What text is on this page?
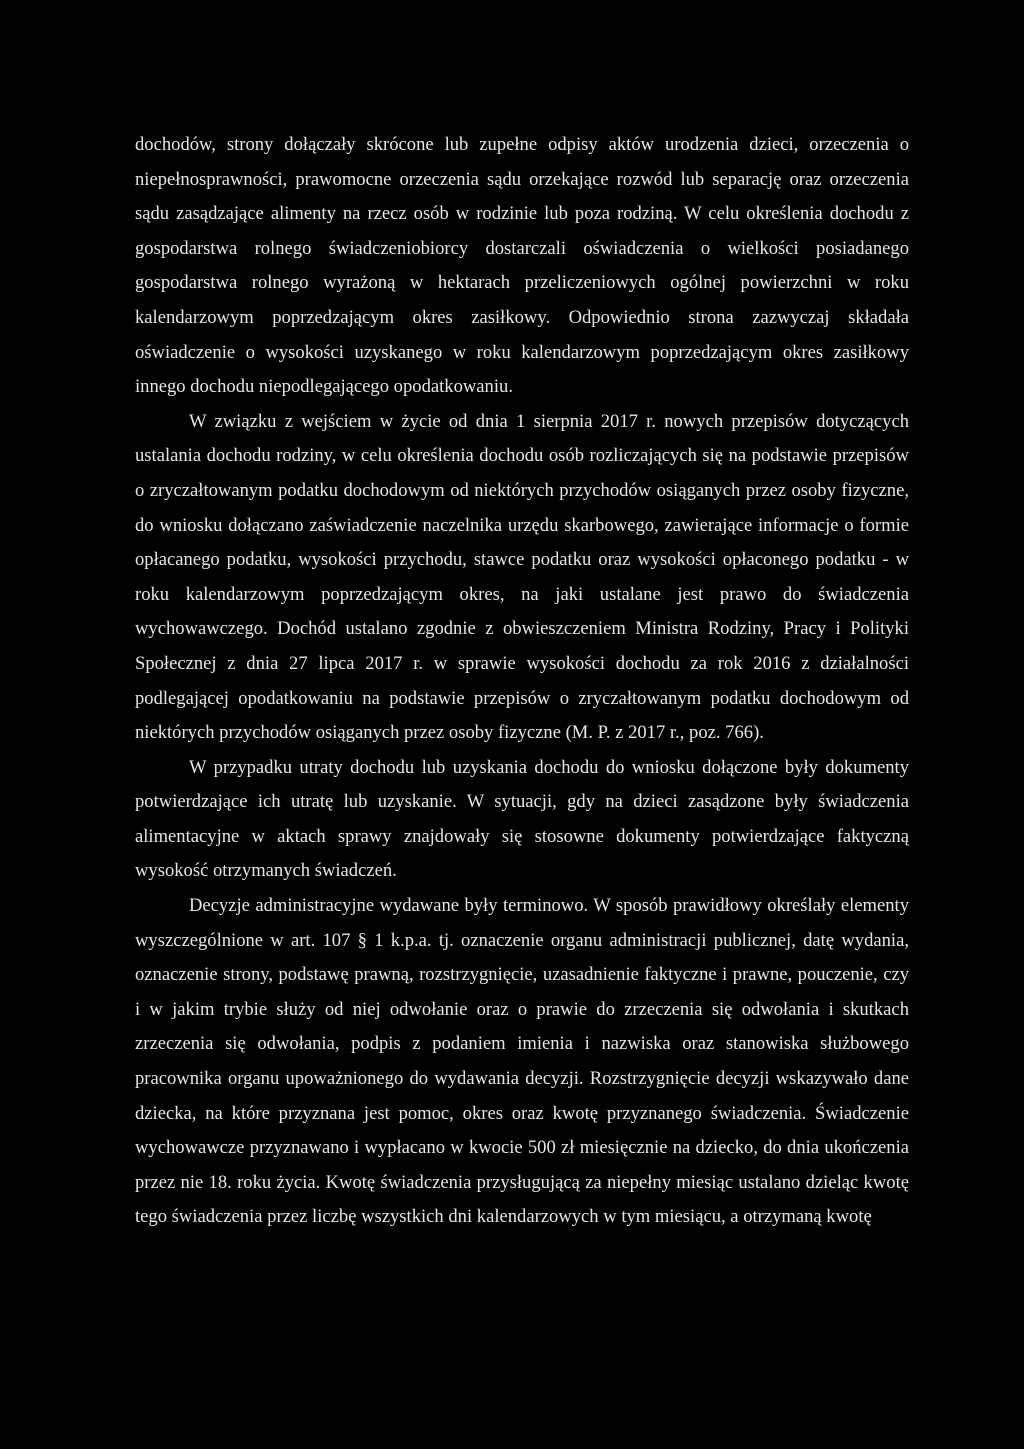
dochodów, strony dołączały skrócone lub zupełne odpisy aktów urodzenia dzieci, orzeczenia o niepełnosprawności, prawomocne orzeczenia sądu orzekające rozwód lub separację oraz orzeczenia sądu zasądzające alimenty na rzecz osób w rodzinie lub poza rodziną. W celu określenia dochodu z gospodarstwa rolnego świadczeniobiorcy dostarczali oświadczenia o wielkości posiadanego gospodarstwa rolnego wyrażoną w hektarach przeliczeniowych ogólnej powierzchni w roku kalendarzowym poprzedzającym okres zasiłkowy. Odpowiednio strona zazwyczaj składała oświadczenie o wysokości uzyskanego w roku kalendarzowym poprzedzającym okres zasiłkowy innego dochodu niepodlegającego opodatkowaniu.

W związku z wejściem w życie od dnia 1 sierpnia 2017 r. nowych przepisów dotyczących ustalania dochodu rodziny, w celu określenia dochodu osób rozliczających się na podstawie przepisów o zryczałtowanym podatku dochodowym od niektórych przychodów osiąganych przez osoby fizyczne, do wniosku dołączano zaświadczenie naczelnika urzędu skarbowego, zawierające informacje o formie opłacanego podatku, wysokości przychodu, stawce podatku oraz wysokości opłaconego podatku - w roku kalendarzowym poprzedzającym okres, na jaki ustalane jest prawo do świadczenia wychowawczego. Dochód ustalano zgodnie z obwieszczeniem Ministra Rodziny, Pracy i Polityki Społecznej z dnia 27 lipca 2017 r. w sprawie wysokości dochodu za rok 2016 z działalności podlegającej opodatkowaniu na podstawie przepisów o zryczałtowanym podatku dochodowym od niektórych przychodów osiąganych przez osoby fizyczne (M. P. z 2017 r., poz. 766).

W przypadku utraty dochodu lub uzyskania dochodu do wniosku dołączone były dokumenty potwierdzające ich utratę lub uzyskanie. W sytuacji, gdy na dzieci zasądzone były świadczenia alimentacyjne w aktach sprawy znajdowały się stosowne dokumenty potwierdzające faktyczną wysokość otrzymanych świadczeń.

Decyzje administracyjne wydawane były terminowo. W sposób prawidłowy określały elementy wyszczególnione w art. 107 § 1 k.p.a. tj. oznaczenie organu administracji publicznej, datę wydania, oznaczenie strony, podstawę prawną, rozstrzygnięcie, uzasadnienie faktyczne i prawne, pouczenie, czy i w jakim trybie służy od niej odwołanie oraz o prawie do zrzeczenia się odwołania i skutkach zrzeczenia się odwołania, podpis z podaniem imienia i nazwiska oraz stanowiska służbowego pracownika organu upoważnionego do wydawania decyzji. Rozstrzygnięcie decyzji wskazywało dane dziecka, na które przyznana jest pomoc, okres oraz kwotę przyznanego świadczenia. Świadczenie wychowawcze przyznawano i wypłacano w kwocie 500 zł miesięcznie na dziecko, do dnia ukończenia przez nie 18. roku życia. Kwotę świadczenia przysługującą za niepełny miesiąc ustalano dzieląc kwotę tego świadczenia przez liczbę wszystkich dni kalendarzowych w tym miesiącu, a otrzymaną kwotę
